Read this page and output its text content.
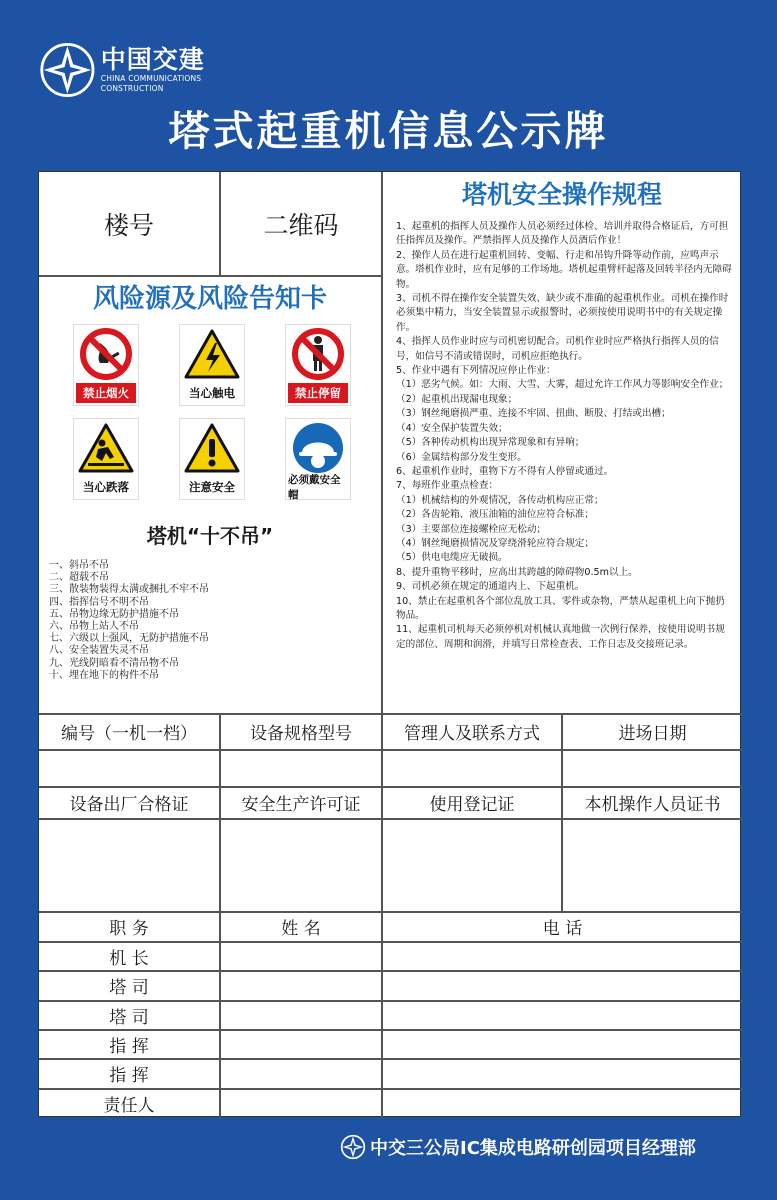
中国交建
CHINA COMMUNICATIONS CONSTRUCTION
塔式起重机信息公示牌
楼号	二维码
风险源及风险告知卡
禁止烟火	当心触电	禁止停留
当心跌落	注意安全	必须戴安全帽
塔机“十不吊”
一、斜吊不吊
二、超载不吊
三、散装物装得太满或捆扎不牢不吊
四、指挥信号不明不吊
五、吊物边缘无防护措施不吊
六、吊物上站人不吊
七、六级以上强风，无防护措施不吊
八、安全装置失灵不吊
九、光线阴暗看不清吊物不吊
十、埋在地下的构件不吊
塔机安全操作规程

1、起重机的指挥人员及操作人员必须经过体检、培训并取得合格证后，方可担任指挥员及操作。严禁指挥人员及操作人员酒后作业！

2、操作人员在进行起重机回转、变幅、行走和吊钩升降等动作前，应鸣声示意。塔机作业时，应有足够的工作场地。塔机起重臂杆起落及回转半径内无障碍物。

3、司机不得在操作安全装置失效、缺少或不准确的起重机作业。司机在操作时必须集中精力，当安全装置显示或报警时，必须按使用说明书中的有关规定操作。

4、指挥人员作业时应与司机密切配合。司机作业时应严格执行指挥人员的信号，如信号不清或错误时，司机应拒绝执行。

5、作业中遇有下列情况应停止作业：

（1）恶劣气候。如：大雨、大雪、大雾，超过允许工作风力等影响安全作业；

（2）起重机出现漏电现象；

（3）钢丝绳磨损严重、连接不牢固、扭曲、断股、打结或出槽；

（4）安全保护装置失效；

（5）各种传动机构出现异常现象和有异响；

（6）金属结构部分发生变形。

6、起重机作业时，重物下方不得有人停留或通过。

7、每班作业重点检查：

（1）机械结构的外观情况，各传动机构应正常；

（2）各齿轮箱、液压油箱的油位应符合标准；

（3）主要部位连接螺栓应无松动；

（4）钢丝绳磨损情况及穿绕滑轮应符合规定；

（5）供电电缆应无破损。

8、提升重物平移时，应高出其跨越的障碍物0.5m以上。

9、司机必须在规定的通道内上、下起重机。

10、禁止在起重机各个部位乱放工具、零件或杂物，严禁从起重机上向下抛扔物品。

11、起重机司机每天必须停机对机械认真地做一次例行保养，按使用说明书规定的部位、周期和润滑，并填写日常检查表、工作日志及交接班记录。

编号（一机一档）	设备规格型号	管理人及联系方式	进场日期
设备出厂合格证	安全生产许可证	使用登记证	本机操作人员证书
职 务	姓 名	电 话
机 长
塔 司
塔 司
指 挥
指 挥
责任人
中交三公局IC集成电路研创园项目经理部
